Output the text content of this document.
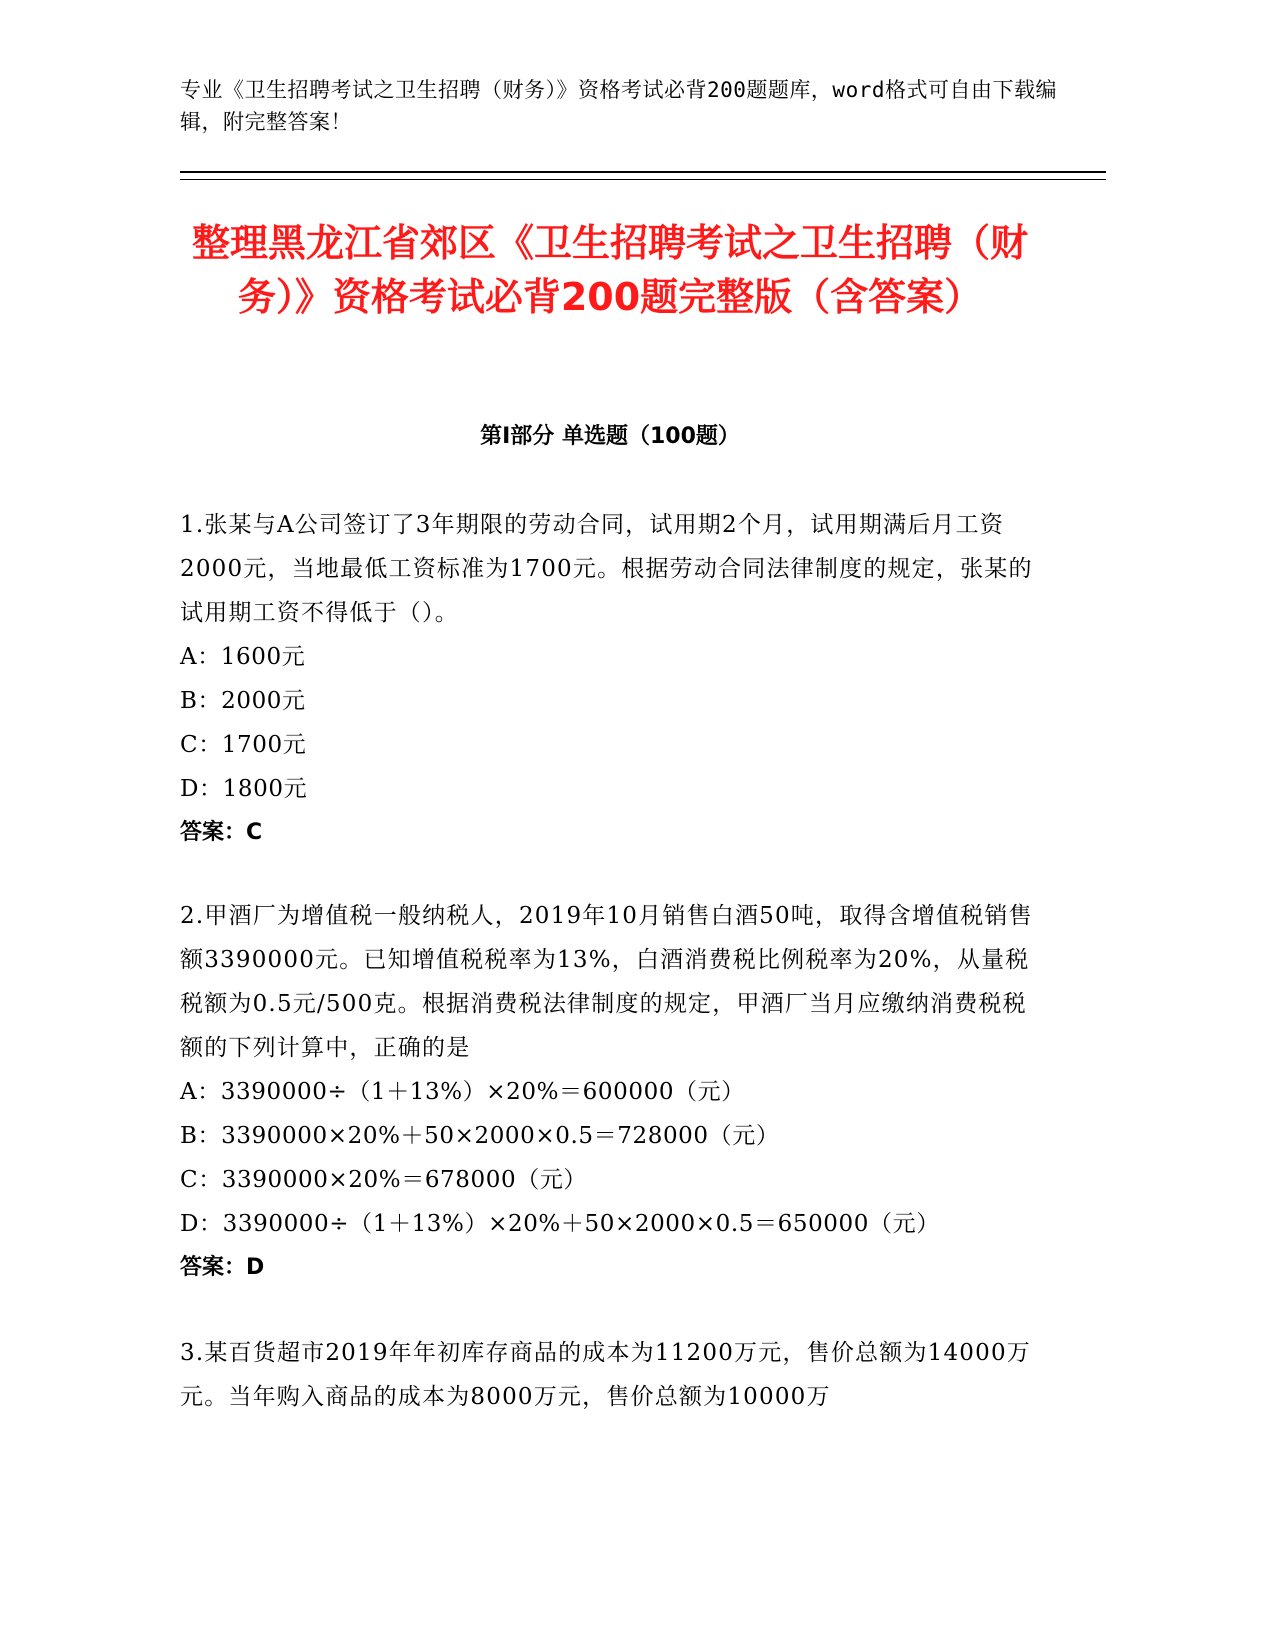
专业《卫生招聘考试之卫生招聘（财务）》资格考试必背200题题库，word格式可自由下载编辑，附完整答案！
整理黑龙江省郊区《卫生招聘考试之卫生招聘（财务）》资格考试必背200题完整版（含答案）
第I部分 单选题（100题）

1.张某与A公司签订了3年期限的劳动合同，试用期2个月，试用期满后月工资2000元，当地最低工资标准为1700元。根据劳动合同法律制度的规定，张某的试用期工资不得低于（）。

A：1600元

B：2000元

C：1700元

D：1800元

答案：C

2.甲酒厂为增值税一般纳税人，2019年10月销售白酒50吨，取得含增值税销售额3390000元。已知增值税税率为13%，白酒消费税比例税率为20%，从量税税额为0.5元/500克。根据消费税法律制度的规定，甲酒厂当月应缴纳消费税税额的下列计算中，正确的是

A：3390000÷（1＋13%）×20%＝600000（元）

B：3390000×20%＋50×2000×0.5＝728000（元）

C：3390000×20%＝678000（元）

D：3390000÷（1＋13%）×20%＋50×2000×0.5＝650000（元）

答案：D

3.某百货超市2019年年初库存商品的成本为11200万元，售价总额为14000万元。当年购入商品的成本为8000万元，售价总额为10000万
